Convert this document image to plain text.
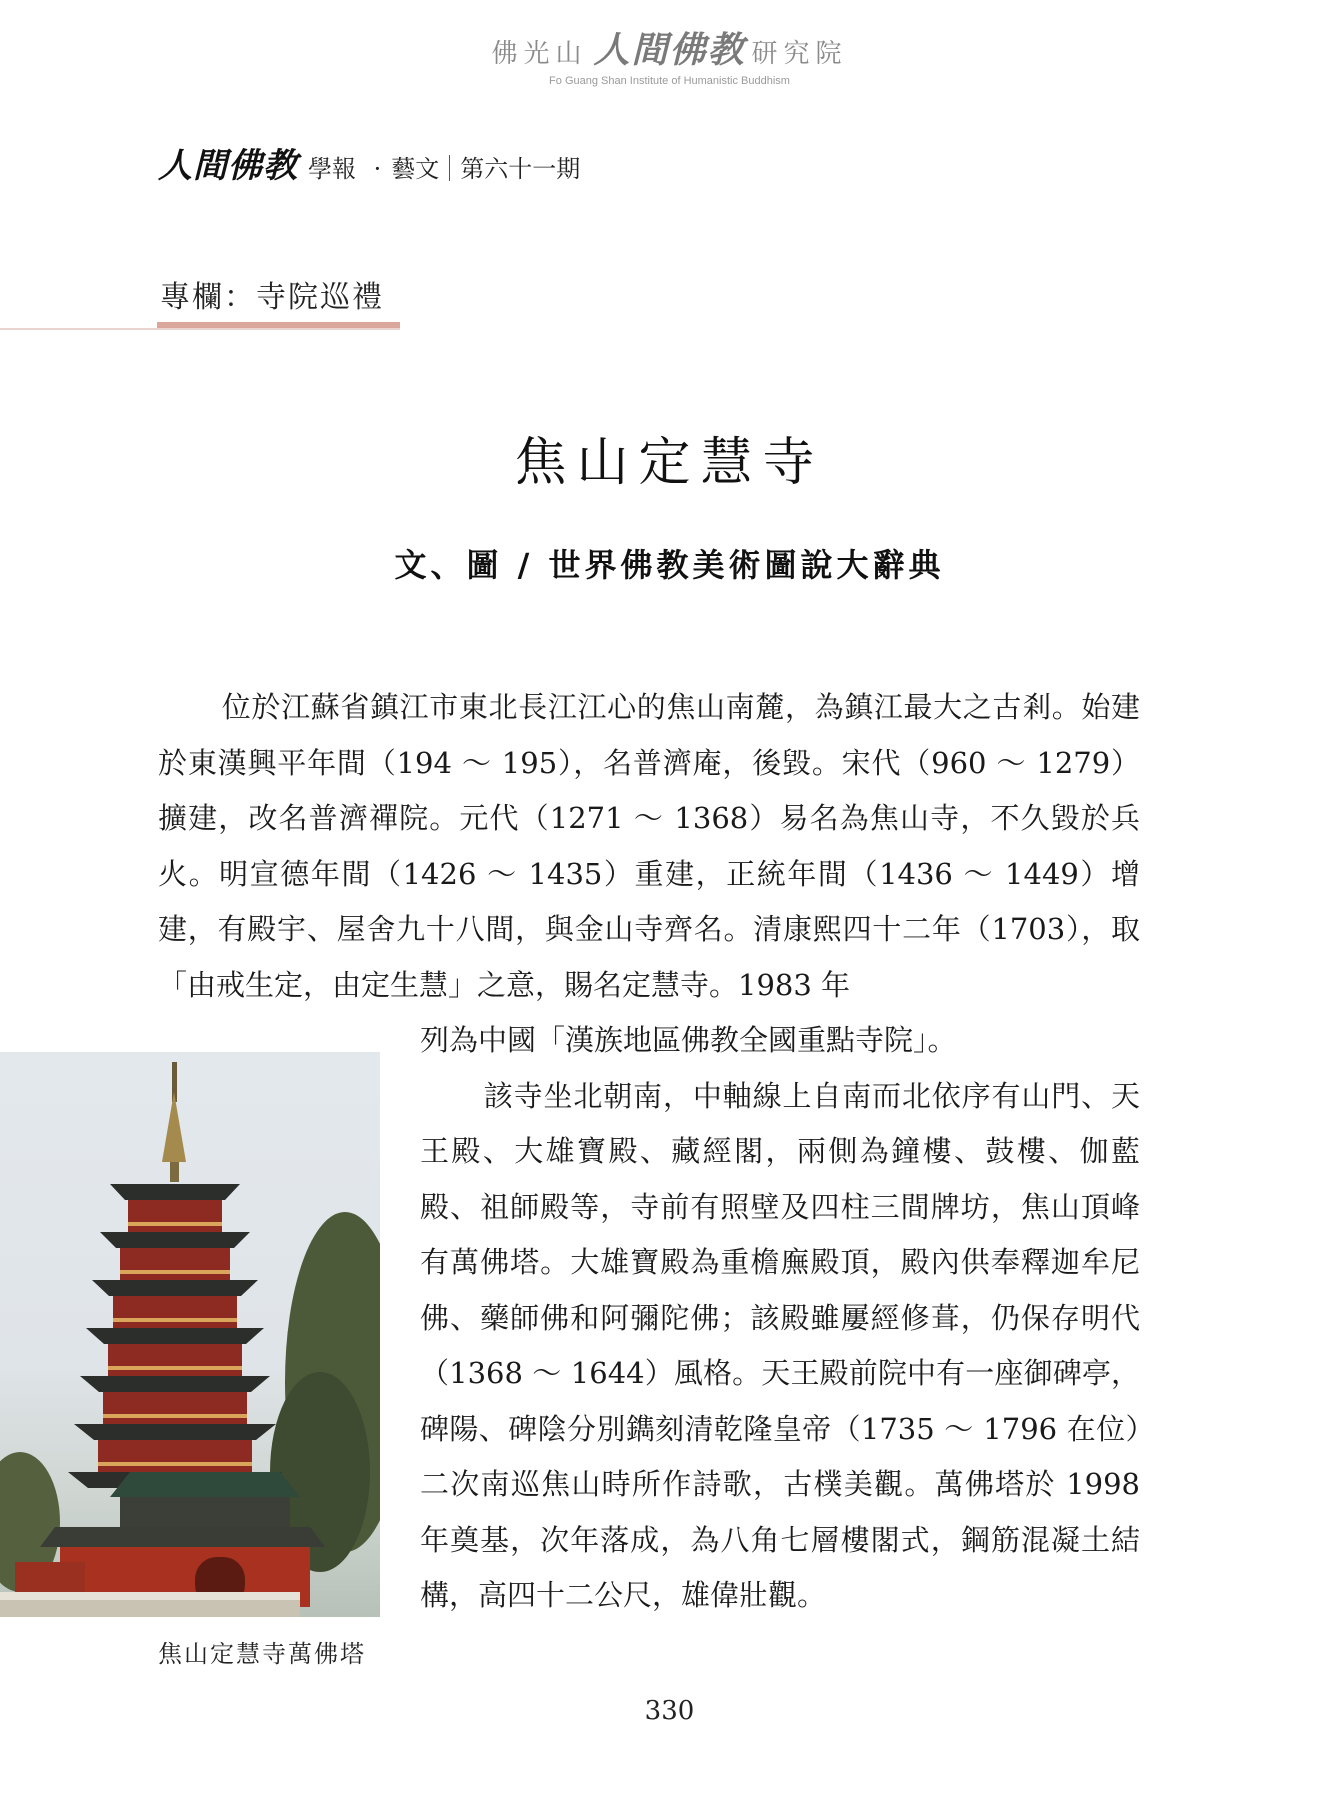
佛光山 人間佛教 研究院
Fo Guang Shan Institute of Humanistic Buddhism
人間佛教 學報 · 藝文 第六十一期
專欄：寺院巡禮
焦山定慧寺
文、圖 / 世界佛教美術圖說大辭典
位於江蘇省鎮江市東北長江江心的焦山南麓，為鎮江最大之古剎。始建於東漢興平年間（194 ～ 195），名普濟庵，後毀。宋代（960 ～ 1279）擴建，改名普濟禪院。元代（1271 ～ 1368）易名為焦山寺，不久毀於兵火。明宣德年間（1426 ～ 1435）重建，正統年間（1436 ～ 1449）增建，有殿宇、屋舍九十八間，與金山寺齊名。清康熙四十二年（1703），取「由戒生定，由定生慧」之意，賜名定慧寺。1983 年
列為中國「漢族地區佛教全國重點寺院」。
該寺坐北朝南，中軸線上自南而北依序有山門、天王殿、大雄寶殿、藏經閣，兩側為鐘樓、鼓樓、伽藍殿、祖師殿等，寺前有照壁及四柱三間牌坊，焦山頂峰有萬佛塔。大雄寶殿為重檐廡殿頂，殿內供奉釋迦牟尼佛、藥師佛和阿彌陀佛；該殿雖屢經修葺，仍保存明代（1368 ～ 1644）風格。天王殿前院中有一座御碑亭，碑陽、碑陰分別鐫刻清乾隆皇帝（1735 ～ 1796 在位）二次南巡焦山時所作詩歌，古樸美觀。萬佛塔於 1998 年奠基，次年落成，為八角七層樓閣式，鋼筋混凝土結構，高四十二公尺，雄偉壯觀。
焦山定慧寺萬佛塔
330
